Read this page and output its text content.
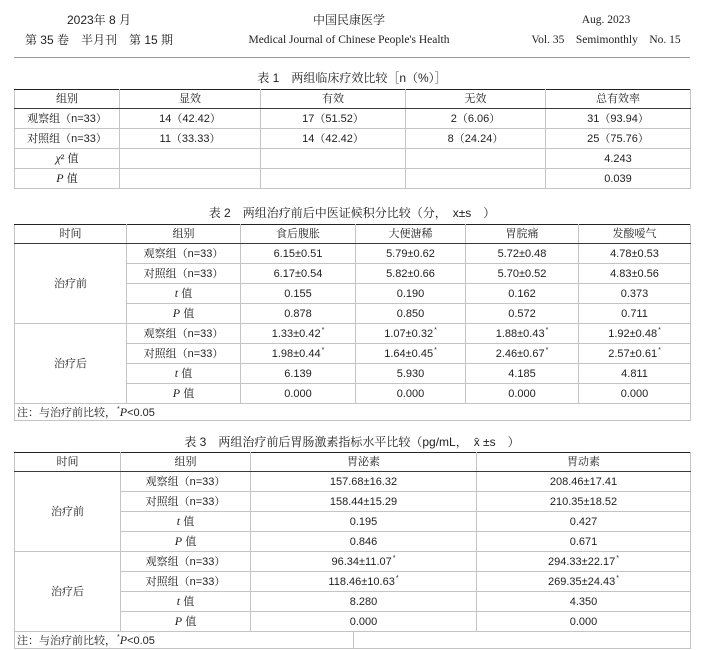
2023年 8 月
第 35 卷　半月刊　第 15 期
中国民康医学
Medical Journal of Chinese People's Health
Aug. 2023
Vol. 35　Semimonthly　No. 15
表 1　两组临床疗效比较［n（%）］
组别	显效	有效	无效	总有效率
观察组（n=33）	14（42.42）	17（51.52）	2（6.06）	31（93.94）
对照组（n=33）	11（33.33）	14（42.42）	8（24.24）	25（75.76）
χ² 值				4.243
P 值				0.039
表 2　两组治疗前后中医证候积分比较（分，　x±s　）
时间	组别	食后腹胀	大便溏稀	胃脘痛	发酸嗳气
治疗前	观察组（n=33）	6.15±0.51	5.79±0.62	5.72±0.48	4.78±0.53
	对照组（n=33）	6.17±0.54	5.82±0.66	5.70±0.52	4.83±0.56
	t 值	0.155	0.190	0.162	0.373
	P 值	0.878	0.850	0.572	0.711
治疗后	观察组（n=33）	1.33±0.42*	1.07±0.32*	1.88±0.43*	1.92±0.48*
	对照组（n=33）	1.98±0.44*	1.64±0.45*	2.46±0.67*	2.57±0.61*
	t 值	6.139	5.930	4.185	4.811
	P 值	0.000	0.000	0.000	0.000
注：与治疗前比较，*P<0.05					
表 3　两组治疗前后胃肠激素指标水平比较（pg/mL，　x̄ ±s　）
时间	组别	胃泌素	胃动素
治疗前	观察组（n=33）	157.68±16.32	208.46±17.41
	对照组（n=33）	158.44±15.29	210.35±18.52
	t 值	0.195	0.427
	P 值	0.846	0.671
治疗后	观察组（n=33）	96.34±11.07*	294.33±22.17*
	对照组（n=33）	118.46±10.63*	269.35±24.43*
	t 值	8.280	4.350
	P 值	0.000	0.000
注：与治疗前比较，*P<0.05			
